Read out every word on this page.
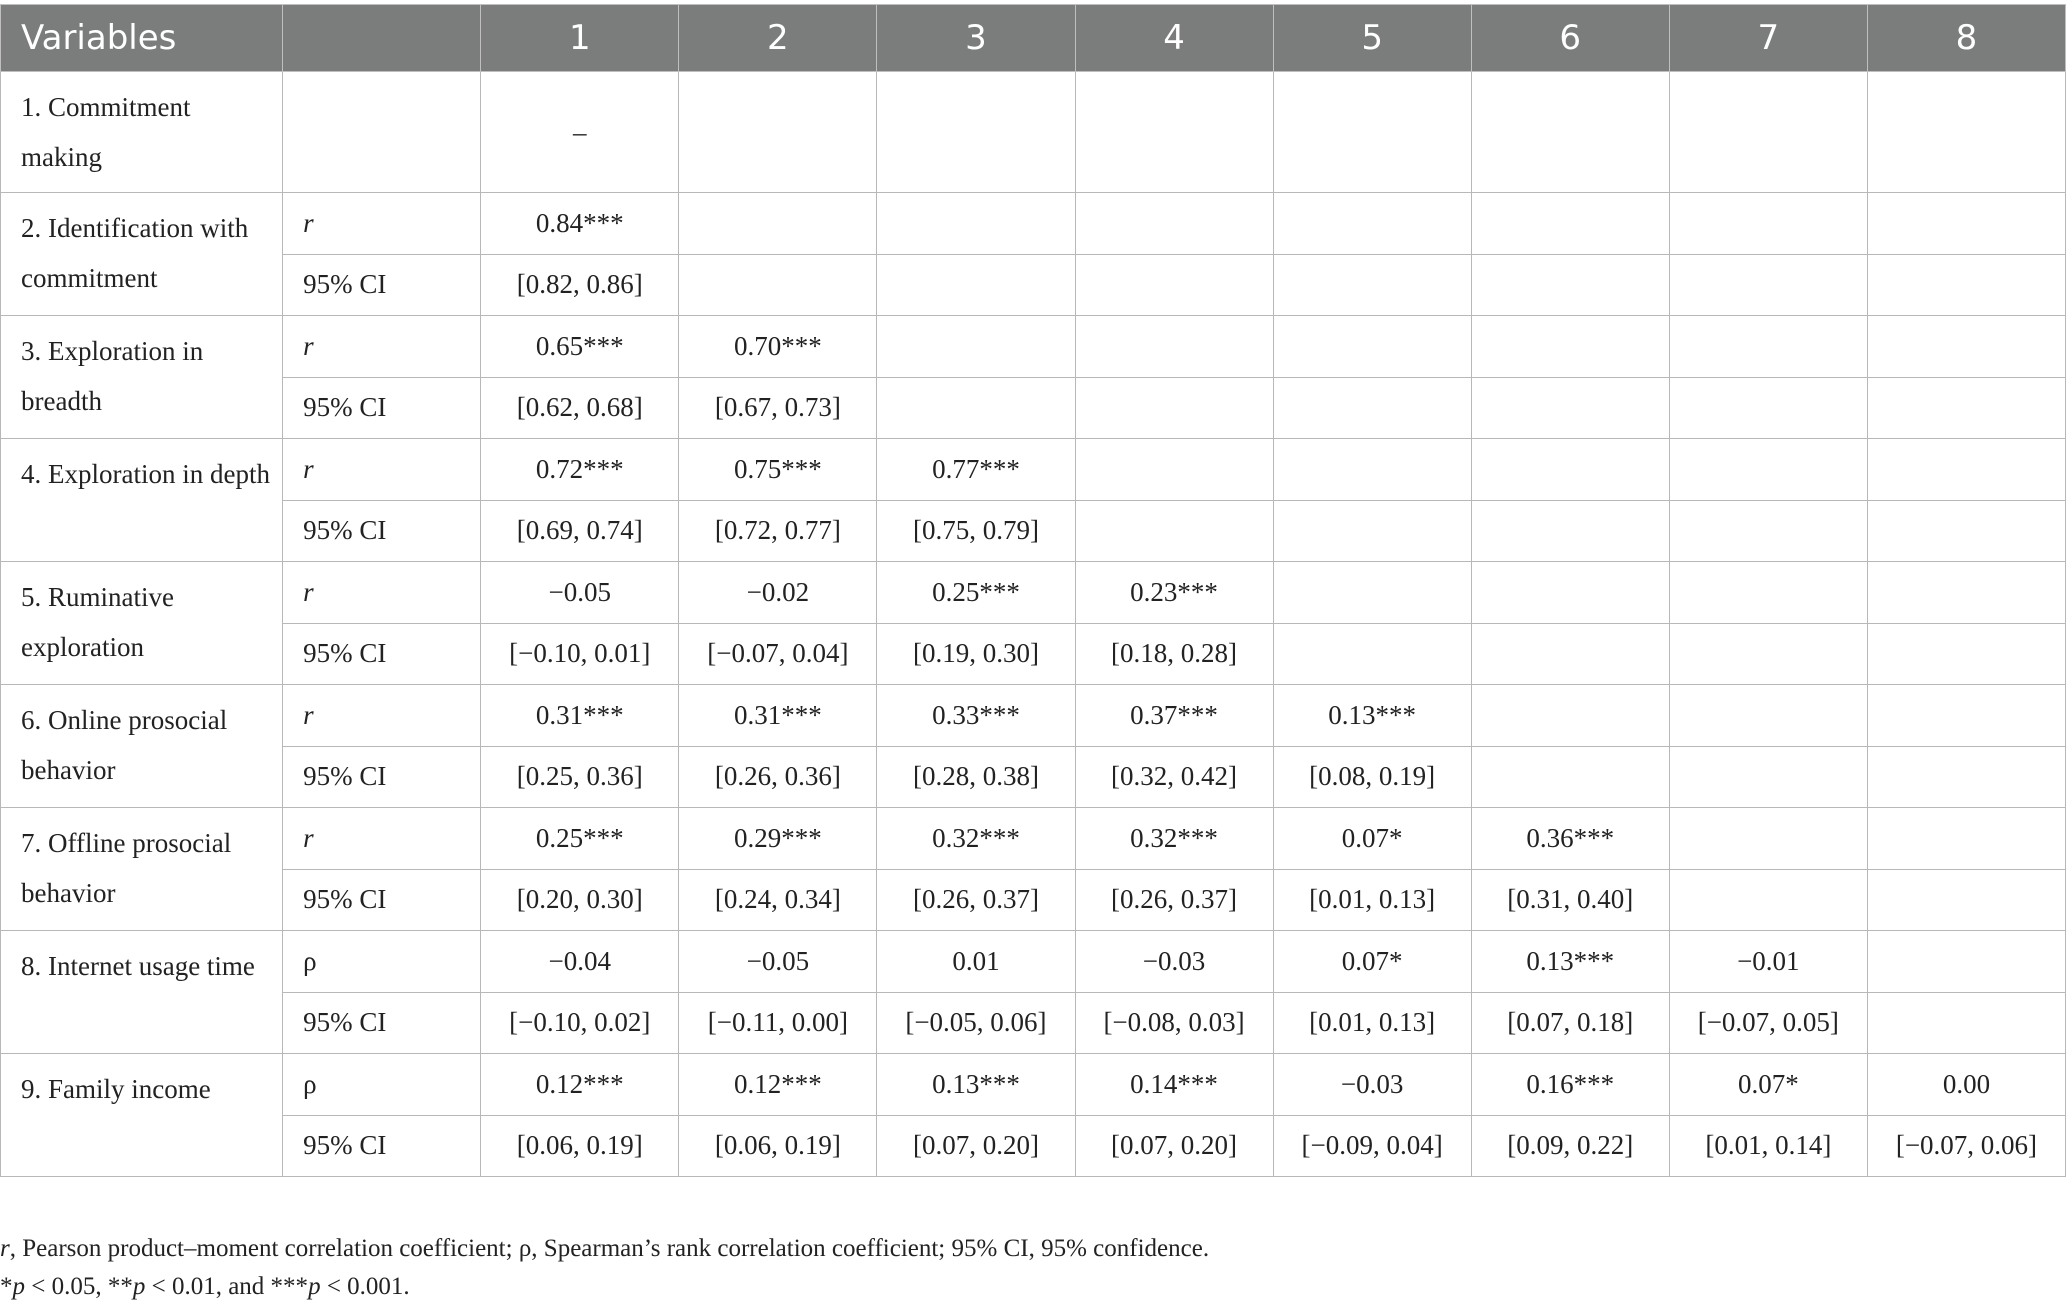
Variables		1	2	3	4	5	6	7	8
1. Commitment making		–							
2. Identification with commitment	r	0.84***							
	95% CI	[0.82, 0.86]							
3. Exploration in breadth	r	0.65***	0.70***						
	95% CI	[0.62, 0.68]	[0.67, 0.73]						
4. Exploration in depth	r	0.72***	0.75***	0.77***					
	95% CI	[0.69, 0.74]	[0.72, 0.77]	[0.75, 0.79]					
5. Ruminative exploration	r	−0.05	−0.02	0.25***	0.23***				
	95% CI	[−0.10, 0.01]	[−0.07, 0.04]	[0.19, 0.30]	[0.18, 0.28]				
6. Online prosocial behavior	r	0.31***	0.31***	0.33***	0.37***	0.13***			
	95% CI	[0.25, 0.36]	[0.26, 0.36]	[0.28, 0.38]	[0.32, 0.42]	[0.08, 0.19]			
7. Offline prosocial behavior	r	0.25***	0.29***	0.32***	0.32***	0.07*	0.36***		
	95% CI	[0.20, 0.30]	[0.24, 0.34]	[0.26, 0.37]	[0.26, 0.37]	[0.01, 0.13]	[0.31, 0.40]		
8. Internet usage time	ρ	−0.04	−0.05	0.01	−0.03	0.07*	0.13***	−0.01	
	95% CI	[−0.10, 0.02]	[−0.11, 0.00]	[−0.05, 0.06]	[−0.08, 0.03]	[0.01, 0.13]	[0.07, 0.18]	[−0.07, 0.05]	
9. Family income	ρ	0.12***	0.12***	0.13***	0.14***	−0.03	0.16***	0.07*	0.00
	95% CI	[0.06, 0.19]	[0.06, 0.19]	[0.07, 0.20]	[0.07, 0.20]	[−0.09, 0.04]	[0.09, 0.22]	[0.01, 0.14]	[−0.07, 0.06]
r, Pearson product–moment correlation coefficient; ρ, Spearman’s rank correlation coefficient; 95% CI, 95% confidence.
*p < 0.05, **p < 0.01, and ***p < 0.001.
